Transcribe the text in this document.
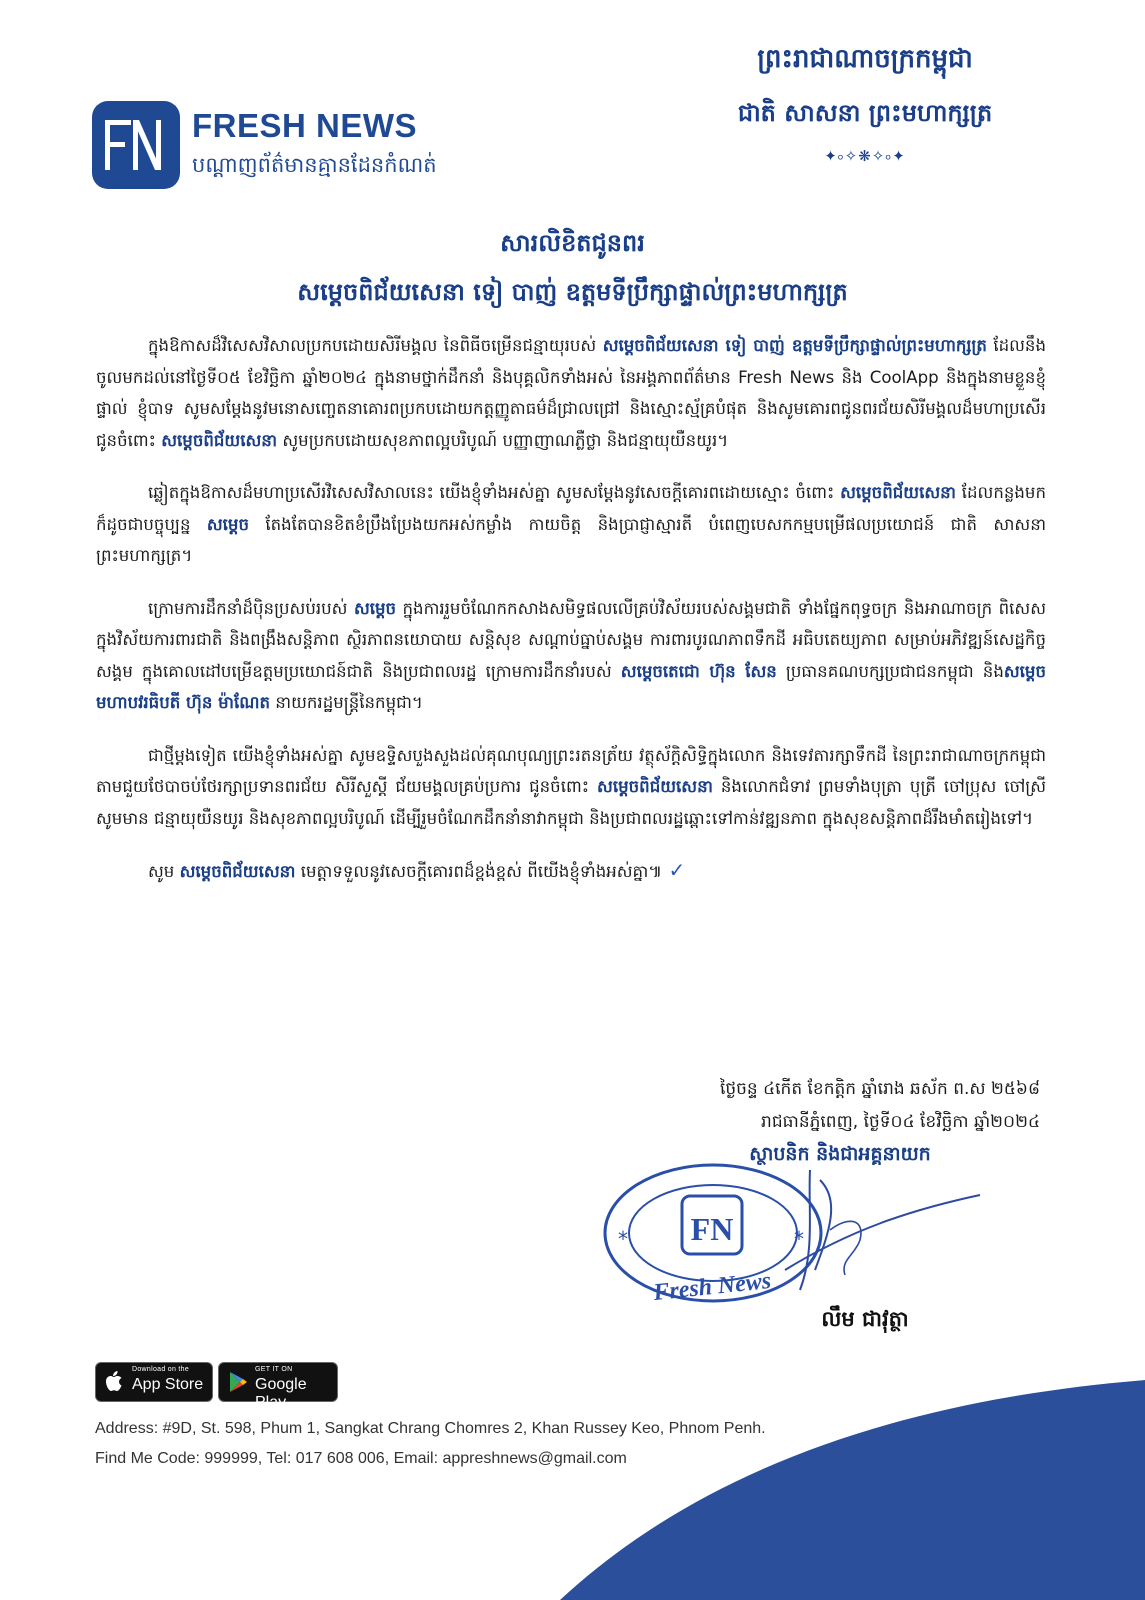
FRESH NEWS
បណ្តាញព័ត៌មានគ្មានដែនកំណត់
ព្រះរាជាណាចក្រកម្ពុជា
ជាតិ សាសនា ព្រះមហាក្សត្រ
✦৹✧❋✧৹✦
សារលិខិតជូនពរ
សម្តេចពិជ័យសេនា ទៀ បាញ់ ឧត្តមទីប្រឹក្សាផ្ទាល់ព្រះមហាក្សត្រ

ក្នុងឱកាសដ៏វិសេសវិសាលប្រកបដោយសិរីមង្គល នៃពិធីចម្រើនជន្មាយុរបស់ សម្តេចពិជ័យសេនា ទៀ បាញ់ ឧត្តមទីប្រឹក្សាផ្ទាល់ព្រះមហាក្សត្រ ដែលនឹងចូលមកដល់នៅថ្ងៃទី០៥ ខែវិច្ឆិកា ឆ្នាំ២០២៤ ក្នុងនាមថ្នាក់ដឹកនាំ និងបុគ្គលិកទាំងអស់ នៃអង្គភាពព័ត៌មាន Fresh News និង CoolApp និងក្នុងនាមខ្លួនខ្ញុំផ្ទាល់ ខ្ញុំបាទ សូមសម្តែងនូវមនោសញ្ចេតនាគោរពប្រកបដោយកត្តញ្ញូតាធម៌ដ៏ជ្រាលជ្រៅ និងស្មោះស្ម័គ្របំផុត និងសូមគោរពជូនពរជ័យសិរីមង្គលដ៏មហាប្រសើរ ជូនចំពោះ សម្តេចពិជ័យសេនា សូមប្រកបដោយសុខភាពល្អបរិបូណ៍ បញ្ញាញាណភ្លឺថ្លា និងជន្មាយុយឺនយូរ។

ឆ្លៀតក្នុងឱកាសដ៏មហាប្រសើរវិសេសវិសាលនេះ យើងខ្ញុំទាំងអស់គ្នា សូមសម្តែងនូវសេចក្តីគោរពដោយស្មោះ ចំពោះ សម្តេចពិជ័យសេនា ដែលកន្លងមកក៏ដូចជាបច្ចុប្បន្ន សម្តេច តែងតែបានខិតខំប្រឹងប្រែងយកអស់កម្លាំង កាយចិត្ត និងប្រាជ្ញាស្មារតី បំពេញបេសកកម្មបម្រើផលប្រយោជន៍ ជាតិ សាសនា ព្រះមហាក្សត្រ។

ក្រោមការដឹកនាំដ៏ប៉ិនប្រសប់របស់ សម្តេច ក្នុងការរួមចំណែកកសាងសមិទ្ធផលលើគ្រប់វិស័យរបស់សង្គមជាតិ ទាំងផ្នែកពុទ្ធចក្រ និងអាណាចក្រ ពិសេសក្នុងវិស័យការពារជាតិ និងពង្រឹងសន្តិភាព ស្ថិរភាពនយោបាយ សន្តិសុខ សណ្តាប់ធ្នាប់សង្គម ការពារបូរណភាពទឹកដី អធិបតេយ្យភាព សម្រាប់អភិវឌ្ឍន៍សេដ្ឋកិច្ចសង្គម ក្នុងគោលដៅបម្រើឧត្តមប្រយោជន៍ជាតិ និងប្រជាពលរដ្ឋ ក្រោមការដឹកនាំរបស់ សម្តេចតេជោ ហ៊ុន សែន ប្រធានគណបក្សប្រជាជនកម្ពុជា និងសម្តេចមហាបវរធិបតី ហ៊ុន ម៉ាណែត នាយករដ្ឋមន្ត្រីនៃកម្ពុជា។

ជាថ្មីម្តងទៀត យើងខ្ញុំទាំងអស់គ្នា សូមឧទ្ទិសបួងសួងដល់គុណបុណ្យព្រះរតនត្រ័យ វត្ថុស័ក្តិសិទ្ធិក្នុងលោក និងទេវតារក្សាទឹកដី នៃព្រះរាជាណាចក្រកម្ពុជា តាមជួយថែបាចប់ថែរក្សាប្រទានពរជ័យ សិរីសួស្តី ជ័យមង្គលគ្រប់ប្រការ ជូនចំពោះ សម្តេចពិជ័យសេនា និងលោកជំទាវ ព្រមទាំងបុត្រា បុត្រី ចៅប្រុស ចៅស្រី សូមមាន ជន្មាយុយឺនយូរ និងសុខភាពល្អបរិបូណ៍ ដើម្បីរួមចំណែកដឹកនាំនាវាកម្ពុជា និងប្រជាពលរដ្ឋឆ្ពោះទៅកាន់វឌ្ឍនភាព ក្នុងសុខសន្តិភាពដ៏រឹងមាំតរៀងទៅ។

សូម សម្តេចពិជ័យសេនា មេត្តាទទួលនូវសេចក្តីគោរពដ៏ខ្ពង់ខ្ពស់ ពីយើងខ្ញុំទាំងអស់គ្នា៕ ✓

ថ្ងៃចន្ទ ៤កើត ខែកត្តិក ឆ្នាំរោង ឆស័ក ព.ស ២៥៦៨
រាជធានីភ្នំពេញ, ថ្ងៃទី០៤ ខែវិច្ឆិកា ឆ្នាំ២០២៤
FN
*	*
Fresh News
ស្ថាបនិក និងជាអគ្គនាយក
លឹម ជាវុត្ថា
Download on the
App Store
GET IT ON
Google Play
Address: #9D, St. 598, Phum 1, Sangkat Chrang Chomres 2, Khan Russey Keo, Phnom Penh.
Find Me Code: 999999, Tel: 017 608 006, Email: appreshnews@gmail.com
